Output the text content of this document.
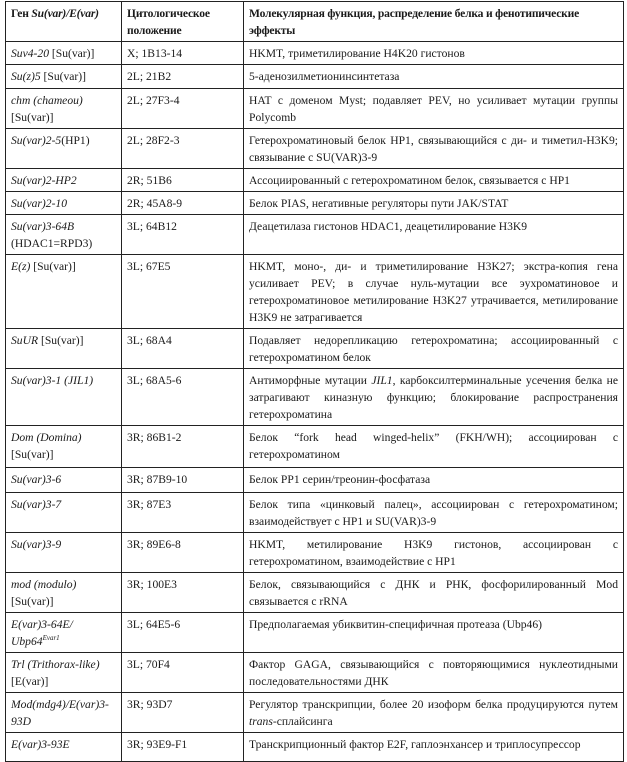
Ген Su(var)/E(var)	Цитологическое положение	Молекулярная функция, распределение белка и фенотипические эффекты
Suv4-20 [Su(var)]	X; 1B13-14	HKMT, триметилирование H4K20 гистонов
Su(z)5 [Su(var)]	2L; 21B2	5-аденозилметионинсинтетаза
chm (chameou) [Su(var)]	2L; 27F3-4	HAT с доменом Myst; подавляет PEV, но усиливает мутации группы Polycomb
Su(var)2-5(HP1)	2L; 28F2-3	Гетерохроматиновый белок HP1, связывающийся с ди- и тиметил-H3K9; связывание с SU(VAR)3-9
Su(var)2-HP2	2R; 51B6	Ассоциированный с гетерохроматином белок, связывается с HP1
Su(var)2-10	2R; 45A8-9	Белок PIAS, негативные регуляторы пути JAK/STAT
Su(var)3-64B (HDAC1=RPD3)	3L; 64B12	Деацетилаза гистонов HDAC1, деацетилирование H3K9
E(z) [Su(var)]	3L; 67E5	HKMT, моно-, ди- и триметилирование H3K27; экстра-копия гена усиливает PEV; в случае нуль-мутации все эухроматиновое и гетерохроматиновое метилирование H3K27 утрачивается, метилирование H3K9 не затрагивается
SuUR [Su(var)]	3L; 68A4	Подавляет недорепликацию гетерохроматина; ассоциированный с гетерохроматином белок
Su(var)3-1 (JIL1)	3L; 68A5-6	Антиморфные мутации JIL1, карбоксилтерминальные усечения белка не затрагивают киназную функцию; блокирование распространения гетерохроматина
Dom (Domina) [Su(var)]	3R; 86B1-2	Белок “fork head winged-helix” (FKH/WH); ассоциирован с гетерохроматином
Su(var)3-6	3R; 87B9-10	Белок PP1 серин/треонин-фосфатаза
Su(var)3-7	3R; 87E3	Белок типа «цинковый палец», ассоциирован с гетерохроматином; взаимодействует с HP1 и SU(VAR)3-9
Su(var)3-9	3R; 89E6-8	HKMT, метилирование H3K9 гистонов, ассоциирован с гетерохроматином, взаимодействие с HP1
mod (modulo) [Su(var)]	3R; 100E3	Белок, связывающийся с ДНК и РНК, фосфорилированный Mod связывается с rRNA
E(var)3-64E/ $Ubp64^{Evar1}$	3L; 64E5-6	Предполагаемая убиквитин-специфичная протеаза (Ubp46)
Trl (Trithorax-like) [E(var)]	3L; 70F4	Фактор GAGA, связывающийся с повторяющимися нуклеотидными последовательностями ДНК
Mod(mdg4)/E(var)3-93D	3R; 93D7	Регулятор транскрипции, более 20 изоформ белка продуцируются путем trans-сплайсинга
E(var)3-93E	3R; 93E9-F1	Транскрипционный фактор E2F, гаплоэнхансер и триплосупрессор
